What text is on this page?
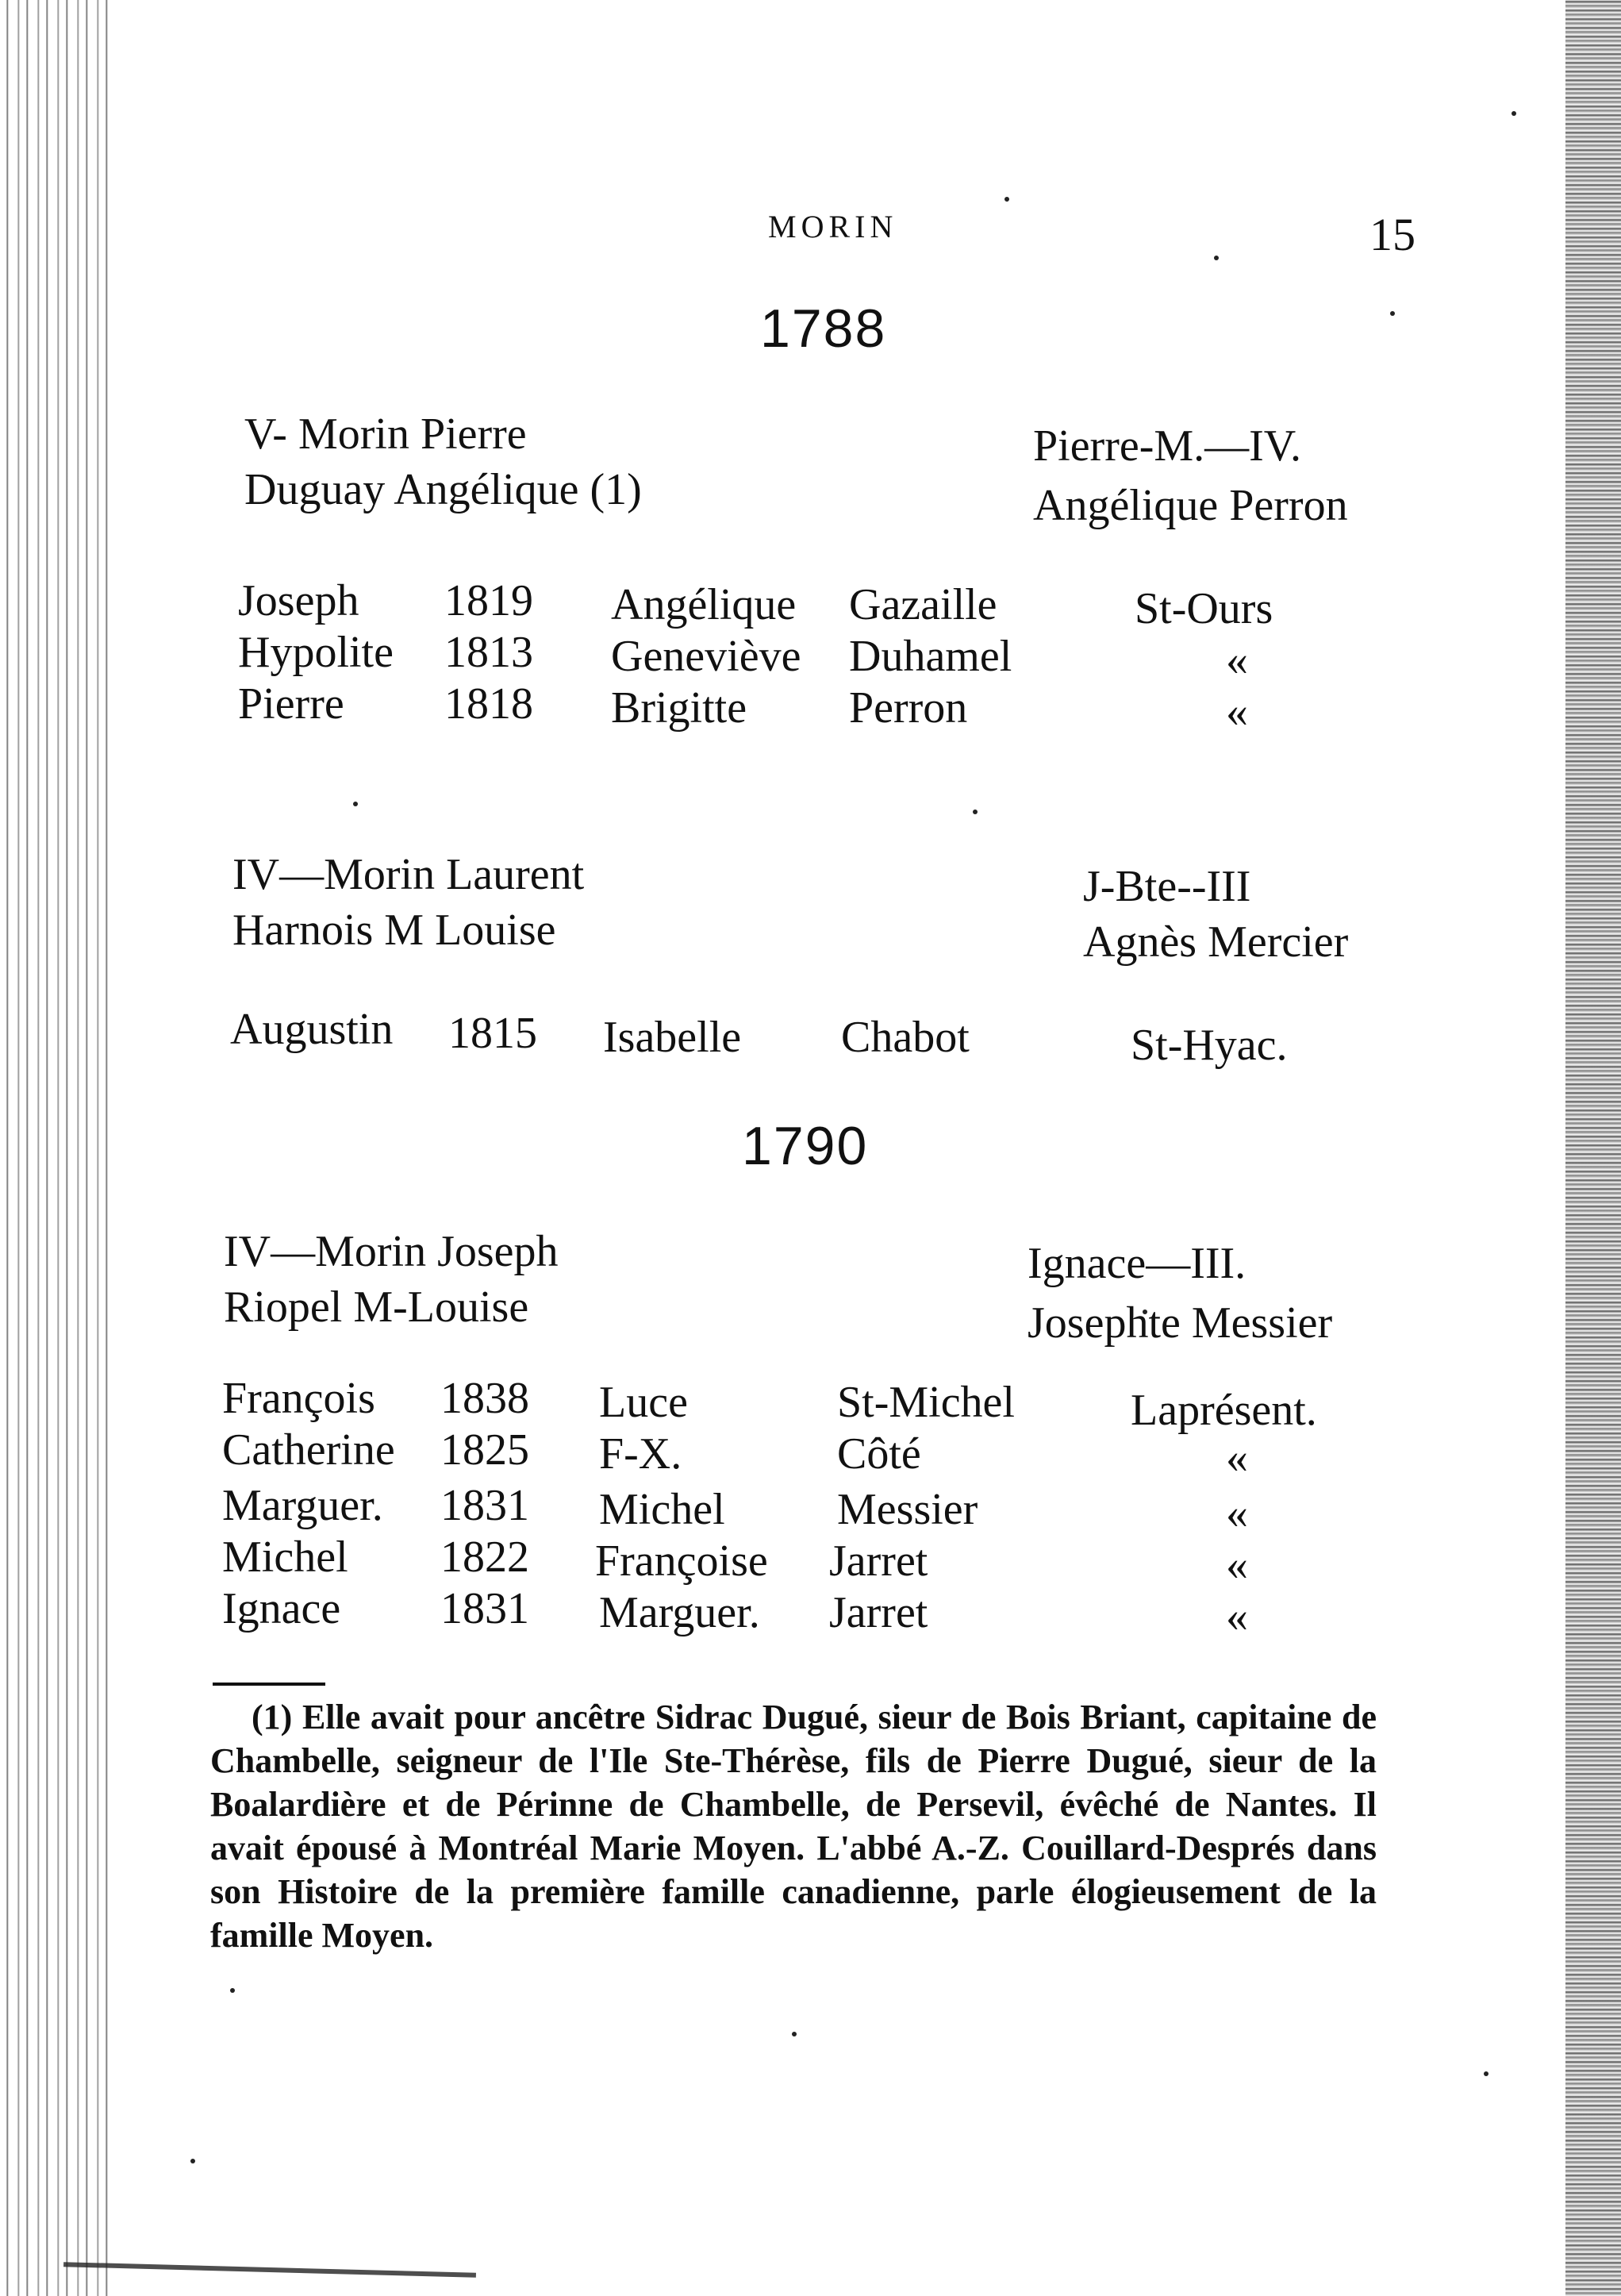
MORIN	15
1788
V- Morin Pierre
Duguay Angélique (1)
Pierre-M.—IV.
Angélique Perron
Joseph 1819 Angélique Gazaille	St-Ours
Hypolite 1813 Geneviève Duhamel	«
Pierre 1818 Brigitte Perron	«
IV—Morin Laurent
Harnois M Louise
J-Bte--III
Agnès Mercier
Augustin 1815 Isabelle Chabot	St-Hyac.
1790
IV—Morin Joseph
Riopel M-Louise
Ignace—III.
Josephte Messier
François 1838 Luce	St-Michel	Laprésent.
Catherine 1825 F-X.	Côté	«
Marguer. 1831 Michel	Messier	«
Michel 1822 Françoise Jarret	«
Ignace 1831 Marguer. Jarret	«
(1) Elle avait pour ancêtre Sidrac Dugué, sieur de Bois Briant, capitaine de Chambelle, seigneur de l'Ile Ste-Thérèse, fils de Pierre Dugué, sieur de la Boalardière et de Périnne de Chambelle, de Persevil, évêché de Nantes. Il avait épousé à Montréal Marie Moyen. L'abbé A.-Z. Couillard-Després dans son Histoire de la première famille canadienne, parle élogieusement de la famille Moyen.
